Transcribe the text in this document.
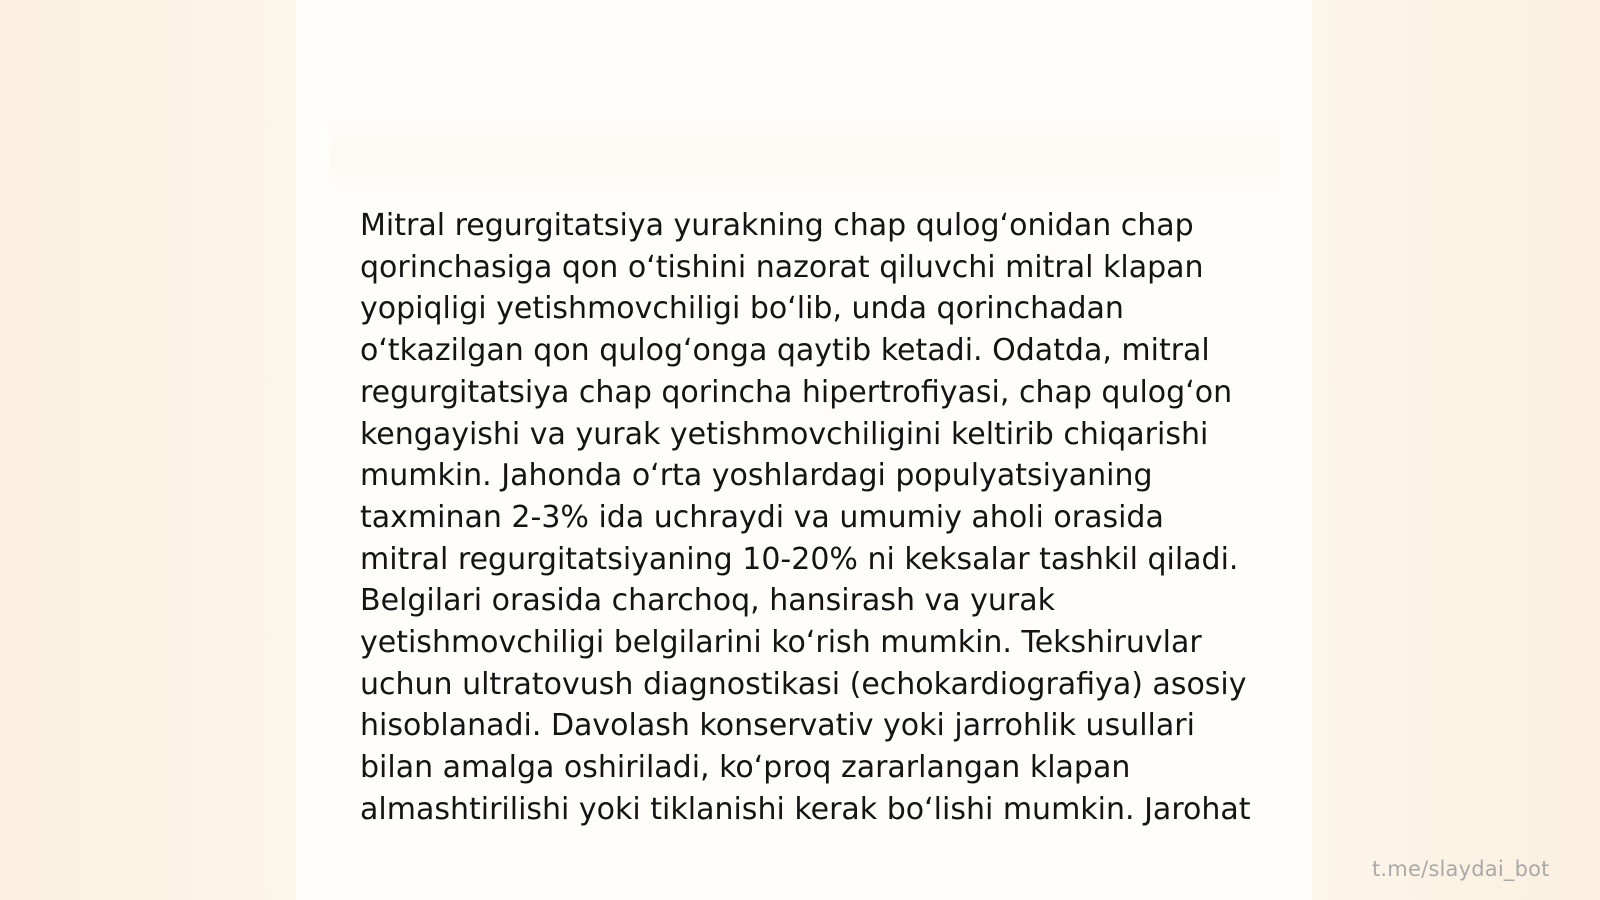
Mitral regurgitatsiya yurakning chap qulog‘onidan chap qorinchasiga qon o‘tishini nazorat qiluvchi mitral klapan yopiqligi yetishmovchiligi bo‘lib, unda qorinchadan o‘tkazilgan qon qulog‘onga qaytib ketadi. Odatda, mitral regurgitatsiya chap qorincha hipertrofiyasi, chap qulog‘on kengayishi va yurak yetishmovchiligini keltirib chiqarishi mumkin. Jahonda o‘rta yoshlardagi populyatsiyaning taxminan 2-3% ida uchraydi va umumiy aholi orasida mitral regurgitatsiyaning 10-20% ni keksalar tashkil qiladi. Belgilari orasida charchoq, hansirash va yurak yetishmovchiligi belgilarini ko‘rish mumkin. Tekshiruvlar uchun ultratovush diagnostikasi (echokardiografiya) asosiy hisoblanadi. Davolash konservativ yoki jarrohlik usullari bilan amalga oshiriladi, ko‘proq zararlangan klapan almashtirilishi yoki tiklanishi kerak bo‘lishi mumkin. Jarohat

t.me/slaydai_bot
